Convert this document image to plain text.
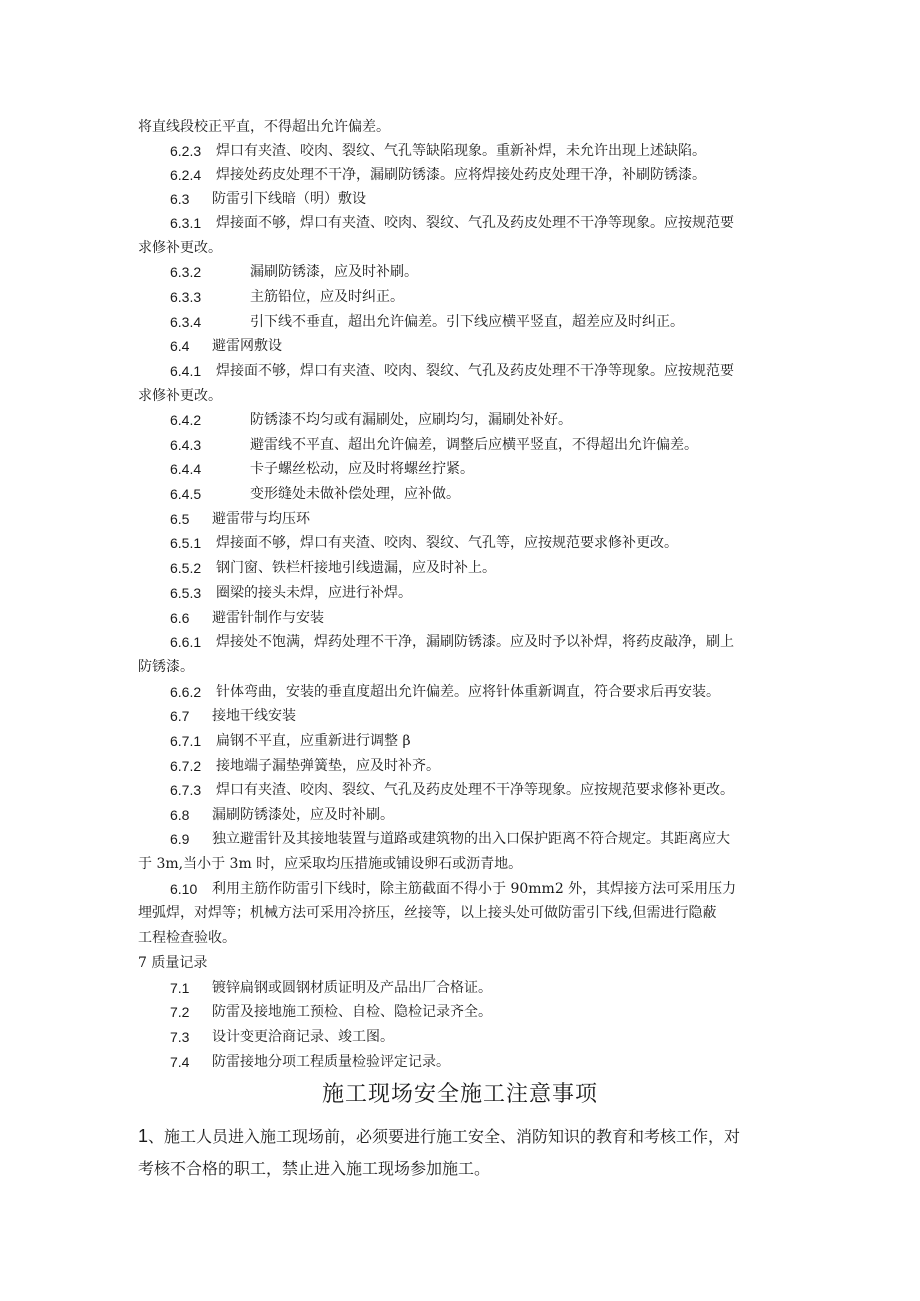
将直线段校正平直，不得超出允许偏差。
6.2.3 焊口有夹渣、咬肉、裂纹、气孔等缺陷现象。重新补焊，未允许出现上述缺陷。
6.2.4 焊接处药皮处理不干净，漏刷防锈漆。应将焊接处药皮处理干净，补刷防锈漆。
6.3 防雷引下线暗（明）敷设
6.3.1 焊接面不够，焊口有夹渣、咬肉、裂纹、气孔及药皮处理不干净等现象。应按规范要
求修补更改。
6.3.2	漏刷防锈漆，应及时补刷。
6.3.3	主筋铅位，应及时纠正。
6.3.4	引下线不垂直，超出允许偏差。引下线应横平竖直，超差应及时纠正。
6.4 避雷网敷设
6.4.1 焊接面不够，焊口有夹渣、咬肉、裂纹、气孔及药皮处理不干净等现象。应按规范要
求修补更改。
6.4.2	防锈漆不均匀或有漏刷处，应刷均匀，漏刷处补好。
6.4.3	避雷线不平直、超出允许偏差，调整后应横平竖直，不得超出允许偏差。
6.4.4	卡子螺丝松动，应及时将螺丝拧紧。
6.4.5	变形缝处未做补偿处理，应补做。
6.5 避雷带与均压环
6.5.1 焊接面不够，焊口有夹渣、咬肉、裂纹、气孔等，应按规范要求修补更改。
6.5.2 钢门窗、铁栏杆接地引线遗漏，应及时补上。
6.5.3 圈梁的接头未焊，应进行补焊。
6.6 避雷针制作与安装
6.6.1 焊接处不饱满，焊药处理不干净，漏刷防锈漆。应及时予以补焊，将药皮敲净，刷上
防锈漆。
6.6.2 针体弯曲，安装的垂直度超出允许偏差。应将针体重新调直，符合要求后再安装。
6.7 接地干线安装
6.7.1 扁钢不平直，应重新进行调整 β
6.7.2 接地端子漏垫弹簧垫，应及时补齐。
6.7.3 焊口有夹渣、咬肉、裂纹、气孔及药皮处理不干净等现象。应按规范要求修补更改。
6.8 漏刷防锈漆处，应及时补刷。
6.9 独立避雷针及其接地装置与道路或建筑物的出入口保护距离不符合规定。其距离应大
于 3m,当小于 3m 时，应采取均压措施或铺设卵石或沥青地。
6.10 利用主筋作防雷引下线时，除主筋截面不得小于 90mm2 外，其焊接方法可采用压力
埋弧焊，对焊等；机械方法可采用冷挤压，丝接等，以上接头处可做防雷引下线,但需进行隐蔽
工程检查验收。
7 质量记录
7.1 镀锌扁钢或圆钢材质证明及产品出厂合格证。
7.2 防雷及接地施工预检、自检、隐检记录齐全。
7.3 设计变更洽商记录、竣工图。
7.4 防雷接地分项工程质量检验评定记录。
施工现场安全施工注意事项
1、施工人员进入施工现场前，必须要进行施工安全、消防知识的教育和考核工作，对
考核不合格的职工，禁止进入施工现场参加施工。
